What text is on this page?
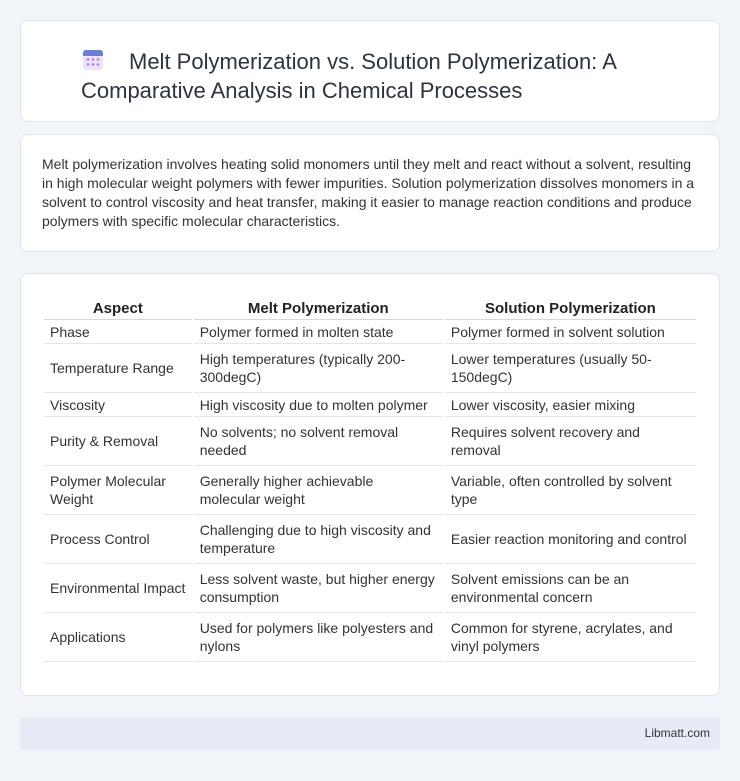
Melt Polymerization vs. Solution Polymerization: A Comparative Analysis in Chemical Processes

Melt polymerization involves heating solid monomers until they melt and react without a solvent, resulting in high molecular weight polymers with fewer impurities. Solution polymerization dissolves monomers in a solvent to control viscosity and heat transfer, making it easier to manage reaction conditions and produce polymers with specific molecular characteristics.

Aspect	Melt Polymerization	Solution Polymerization
Phase	Polymer formed in molten state	Polymer formed in solvent solution
Temperature Range	High temperatures (typically 200-300degC)	Lower temperatures (usually 50-150degC)
Viscosity	High viscosity due to molten polymer	Lower viscosity, easier mixing
Purity & Removal	No solvents; no solvent removal needed	Requires solvent recovery and removal
Polymer Molecular Weight	Generally higher achievable molecular weight	Variable, often controlled by solvent type
Process Control	Challenging due to high viscosity and temperature	Easier reaction monitoring and control
Environmental Impact	Less solvent waste, but higher energy consumption	Solvent emissions can be an environmental concern
Applications	Used for polymers like polyesters and nylons	Common for styrene, acrylates, and vinyl polymers
Libmatt.com
